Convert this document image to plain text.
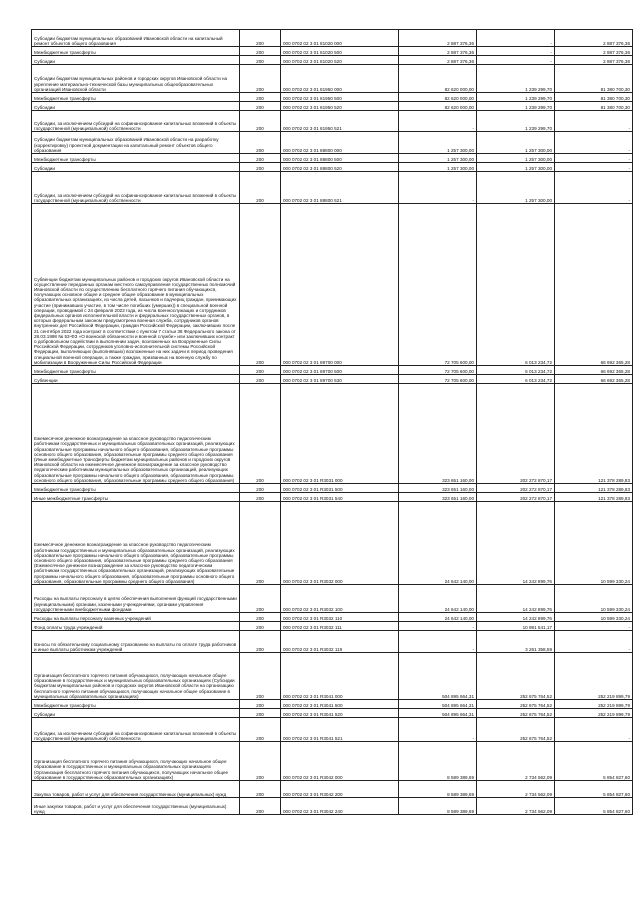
Субсидии бюджетам муниципальных образований Ивановской области на капитальный ремонт объектов общего образования	200	000 0702 02 3 01 81020 000	2 887 376,36	-	2 887 376,36
Межбюджетные трансферты	200	000 0702 02 3 01 81020 500	2 887 376,36	-	2 887 376,36
Субсидии	200	000 0702 02 3 01 81020 520	2 887 376,36	-	2 887 376,36
Субсидии бюджетам муниципальных районов и городских округов Ивановской области на укрепление материально-технической базы муниципальных общеобразовательных организаций Ивановской области	200	000 0702 02 3 01 81950 000	82 620 000,00	1 239 299,70	81 380 700,30
Межбюджетные трансферты	200	000 0702 02 3 01 81950 500	82 620 000,00	1 239 299,70	81 380 700,30
Субсидии	200	000 0702 02 3 01 81950 520	82 620 000,00	1 239 299,70	81 380 700,30
Субсидии, за исключением субсидий на софинансирование капитальных вложений в объекты государственной (муниципальной) собственности	200	000 0702 02 3 01 81950 521	-	1 239 299,70	-
Субсидии бюджетам муниципальных образований Ивановской области на разработку (корректировку) проектной документации на капитальный ремонт объектов общего образования	200	000 0702 02 3 01 88800 000	1 257 300,00	1 257 300,00	-
Межбюджетные трансферты	200	000 0702 02 3 01 88800 500	1 257 300,00	1 257 300,00	-
Субсидии	200	000 0702 02 3 01 88800 520	1 257 300,00	1 257 300,00	-
Субсидии, за исключением субсидий на софинансирование капитальных вложений в объекты государственной (муниципальной) собственности	200	000 0702 02 3 01 88800 521	-	1 257 300,00	-
Субвенции бюджетам муниципальных районов и городских округов Ивановской области на осуществление переданных органам местного самоуправления государственных полномочий Ивановской области по осуществлению бесплатного горячего питания обучающихся, получающих основное общее и среднее общее образование в муниципальных образовательных организациях, из числа детей, пасынков и падчериц граждан, принимающих участие (принимавших участие, в том числе погибших (умерших)) в специальной военной операции, проводимой с 24 февраля 2022 года, из числа военнослужащих и сотрудников федеральных органов исполнительной власти и федеральных государственных органов, в которых федеральным законом предусмотрена военная служба, сотрудников органов внутренних дел Российской Федерации, граждан Российской Федерации, заключивших после 21 сентября 2022 года контракт в соответствии с пунктом 7 статьи 38 Федерального закона от 28.03.1998 № 53-ФЗ «О воинской обязанности и военной службе» или заключивших контракт о добровольном содействии в выполнении задач, возложенных на Вооруженные Силы Российской Федерации, сотрудников уголовно-исполнительной системы Российской Федерации, выполняющих (выполнявших) возложенные на них задачи в период проведения специальной военной операции, а также граждан, призванных на военную службу по мобилизации в Вооруженные Силы Российской Федерации	200	000 0702 02 3 01 89700 000	72 705 600,00	6 013 234,72	66 692 365,28
Межбюджетные трансферты	200	000 0702 02 3 01 89700 500	72 705 600,00	6 013 234,72	66 692 365,28
Субвенции	200	000 0702 02 3 01 89700 530	72 705 600,00	6 013 234,72	66 692 365,28
Ежемесячное денежное вознаграждение за классное руководство педагогическим работникам государственных и муниципальных образовательных организаций, реализующих образовательные программы начального общего образования, образовательные программы основного общего образования, образовательные программы среднего общего образования (Иные межбюджетные трансферты бюджетам муниципальных районов и городских округов Ивановской области на ежемесячное денежное вознаграждение за классное руководство педагогическим работникам муниципальных образовательных организаций, реализующих образовательные программы начального общего образования, образовательные программы основного общего образования, образовательные программы среднего общего образования)	200	000 0702 02 3 01 R3031 000	323 651 160,00	202 272 870,17	121 378 289,83
Межбюджетные трансферты	200	000 0702 02 3 01 R3031 500	323 651 160,00	202 272 870,17	121 378 289,83
Иные межбюджетные трансферты	200	000 0702 02 3 01 R3031 540	323 651 160,00	202 272 870,17	121 378 289,83
Ежемесячное денежное вознаграждение за классное руководство педагогическим работникам государственных и муниципальных образовательных организаций, реализующих образовательные программы начального общего образования, образовательные программы основного общего образования, образовательные программы среднего общего образования (Ежемесячное денежное вознаграждение за классное руководство педагогическим работникам государственных образовательных организаций, реализующих образовательные программы начального общего образования, образовательные программы основного общего образования, образовательные программы среднего общего образования)	200	000 0702 02 3 01 R3032 000	24 642 140,00	14 242 899,76	10 599 330,24
Расходы на выплаты персоналу в целях обеспечения выполнения функций государственными (муниципальными) органами, казенными учреждениями, органами управления государственными внебюджетными фондами	200	000 0702 02 3 01 R3032 100	24 642 140,00	14 242 899,76	10 599 330,24
Расходы на выплаты персоналу казенных учреждений	200	000 0702 02 3 01 R3032 110	24 642 140,00	14 242 899,76	10 599 330,24
Фонд оплаты труда учреждений	200	000 0702 02 3 01 R3032 111	-	10 981 541,17	-
Взносы по обязательному социальному страхованию на выплаты по оплате труда работников и иные выплаты работникам учреждений	200	000 0702 02 3 01 R3032 119	-	3 261 358,59	-
Организация бесплатного горячего питания обучающихся, получающих начальное общее образование в государственных и муниципальных образовательных организациях (Субсидии бюджетам муниципальных районов и городских округов Ивановской области на организацию бесплатного горячего питания обучающихся, получающих начальное общее образование в муниципальных образовательных организациях)	200	000 0702 02 3 01 R3041 000	504 895 664,31	252 675 764,52	252 219 899,79
Межбюджетные трансферты	200	000 0702 02 3 01 R3041 500	504 895 664,31	252 675 764,52	252 219 899,79
Субсидии	200	000 0702 02 3 01 R3041 520	504 895 664,31	252 675 764,52	252 219 899,79
Субсидии, за исключением субсидий на софинансирование капитальных вложений в объекты государственной (муниципальной) собственности	200	000 0702 02 3 01 R3041 521	-	252 675 764,52	-
Организация бесплатного горячего питания обучающихся, получающих начальное общее образование в государственных и муниципальных образовательных организациях (Организация бесплатного горячего питания обучающихся, получающих начальное общее образование в государственных образовательных организациях)	200	000 0702 02 3 01 R3042 000	8 589 389,69	2 734 562,09	5 854 827,60
Закупка товаров, работ и услуг для обеспечения государственных (муниципальных) нужд	200	000 0702 02 3 01 R3042 200	8 589 389,69	2 734 562,09	5 854 827,60
Иные закупки товаров, работ и услуг для обеспечения государственных (муниципальных) нужд	200	000 0702 02 3 01 R3042 240	8 589 389,69	2 734 562,09	5 854 827,60
